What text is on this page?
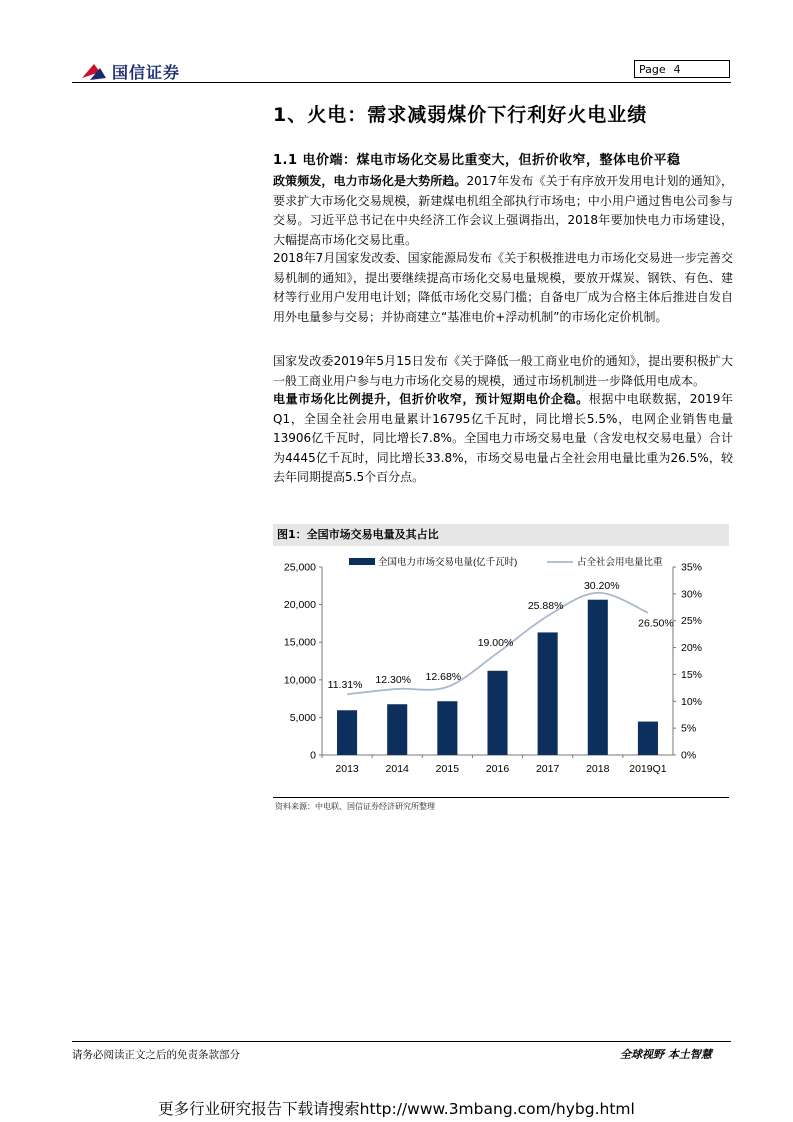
国信证券	Page 4
1、火电：需求减弱煤价下行利好火电业绩
1.1 电价端：煤电市场化交易比重变大，但折价收窄，整体电价平稳
政策频发，电力市场化是大势所趋。2017年发布《关于有序放开发用电计划的通知》，要求扩大市场化交易规模，新建煤电机组全部执行市场电；中小用户通过售电公司参与交易。习近平总书记在中央经济工作会议上强调指出，2018年要加快电力市场建设，大幅提高市场化交易比重。
2018年7月国家发改委、国家能源局发布《关于积极推进电力市场化交易进一步完善交易机制的通知》，提出要继续提高市场化交易电量规模，要放开煤炭、钢铁、有色、建材等行业用户发用电计划；降低市场化交易门槛；自备电厂成为合格主体后推进自发自用外电量参与交易；并协商建立“基准电价+浮动机制”的市场化定价机制。
国家发改委2019年5月15日发布《关于降低一般工商业电价的通知》，提出要积极扩大一般工商业用户参与电力市场化交易的规模，通过市场机制进一步降低用电成本。
电量市场化比例提升，但折价收窄，预计短期电价企稳。根据中电联数据，2019年Q1，全国全社会用电量累计16795亿千瓦时，同比增长5.5%，电网企业销售电量13906亿千瓦时，同比增长7.8%。全国电力市场交易电量（含发电权交易电量）合计为4445亿千瓦时，同比增长33.8%，市场交易电量占全社会用电量比重为26.5%，较去年同期提高5.5个百分点。
图1：全国市场交易电量及其占比
0
5,000
10,000
15,000
20,000
25,000
0%
5%
10%
15%
20%
25%
30%
35%
2013	2014	2015	2016	2017	2018 2019Q1
11.31% 12.30% 12.68%
19.00%
25.88%
30.20%
26.50%
全国电力市场交易电量(亿千瓦时)	占全社会用电量比重
资料来源：中电联、国信证券经济研究所整理
请务必阅读正文之后的免责条款部分	全球视野 本土智慧
更多行业研究报告下载请搜索http://www.3mbang.com/hybg.html
